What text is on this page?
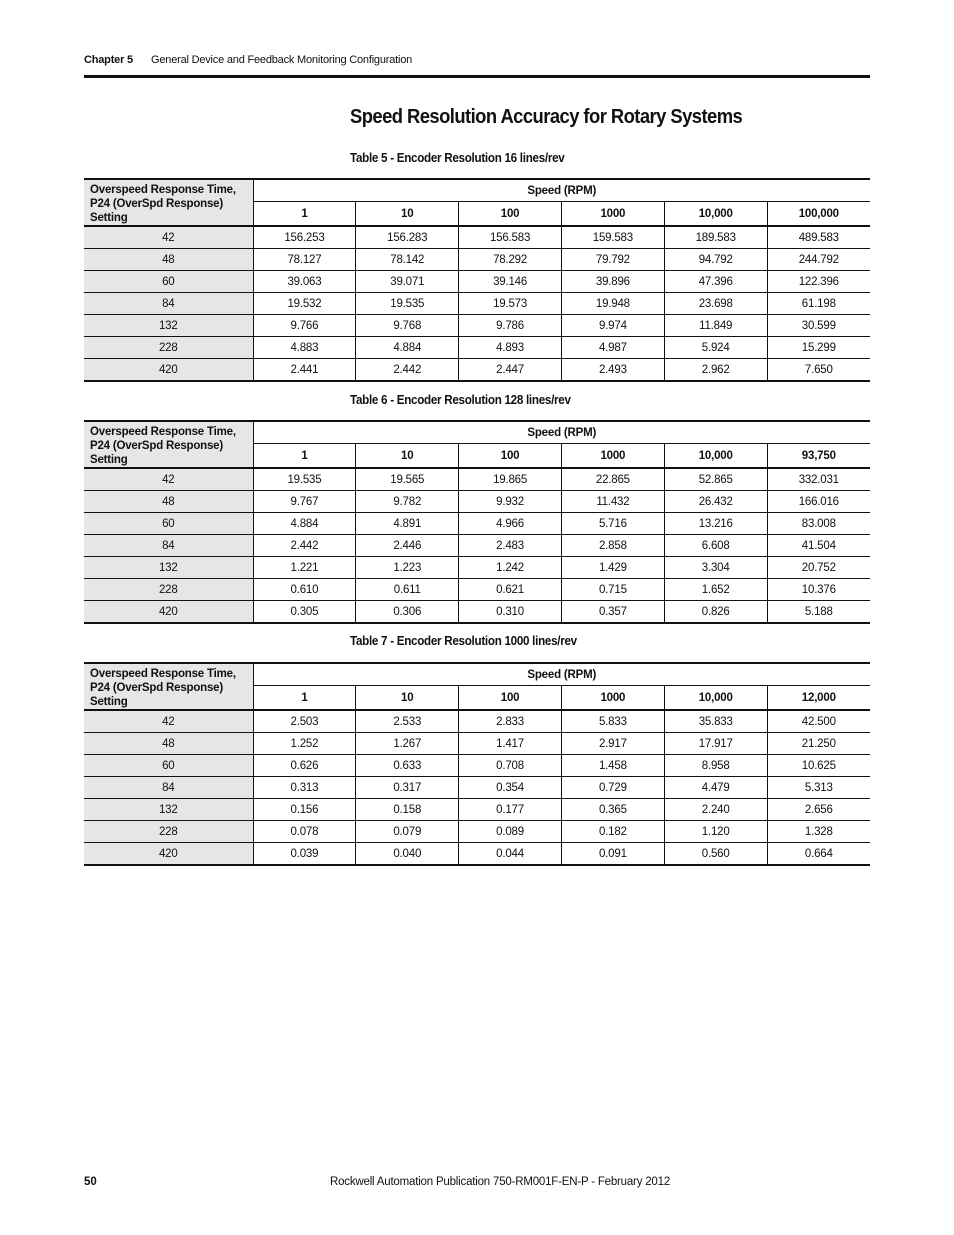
Chapter 5 General Device and Feedback Monitoring Configuration
Speed Resolution Accuracy for Rotary Systems
Table 5 - Encoder Resolution 16 lines/rev
Overspeed Response Time, P24 (OverSpd Response) Setting	Speed (RPM)					
	1	10	100	1000	10,000	100,000
42	156.253	156.283	156.583	159.583	189.583	489.583
48	78.127	78.142	78.292	79.792	94.792	244.792
60	39.063	39.071	39.146	39.896	47.396	122.396
84	19.532	19.535	19.573	19.948	23.698	61.198
132	9.766	9.768	9.786	9.974	11.849	30.599
228	4.883	4.884	4.893	4.987	5.924	15.299
420	2.441	2.442	2.447	2.493	2.962	7.650
Table 6 - Encoder Resolution 128 lines/rev
Overspeed Response Time, P24 (OverSpd Response) Setting	Speed (RPM)					
	1	10	100	1000	10,000	93,750
42	19.535	19.565	19.865	22.865	52.865	332.031
48	9.767	9.782	9.932	11.432	26.432	166.016
60	4.884	4.891	4.966	5.716	13.216	83.008
84	2.442	2.446	2.483	2.858	6.608	41.504
132	1.221	1.223	1.242	1.429	3.304	20.752
228	0.610	0.611	0.621	0.715	1.652	10.376
420	0.305	0.306	0.310	0.357	0.826	5.188
Table 7 - Encoder Resolution 1000 lines/rev
Overspeed Response Time, P24 (OverSpd Response) Setting	Speed (RPM)					
	1	10	100	1000	10,000	12,000
42	2.503	2.533	2.833	5.833	35.833	42.500
48	1.252	1.267	1.417	2.917	17.917	21.250
60	0.626	0.633	0.708	1.458	8.958	10.625
84	0.313	0.317	0.354	0.729	4.479	5.313
132	0.156	0.158	0.177	0.365	2.240	2.656
228	0.078	0.079	0.089	0.182	1.120	1.328
420	0.039	0.040	0.044	0.091	0.560	0.664
50	Rockwell Automation Publication 750-RM001F-EN-P - February 2012
